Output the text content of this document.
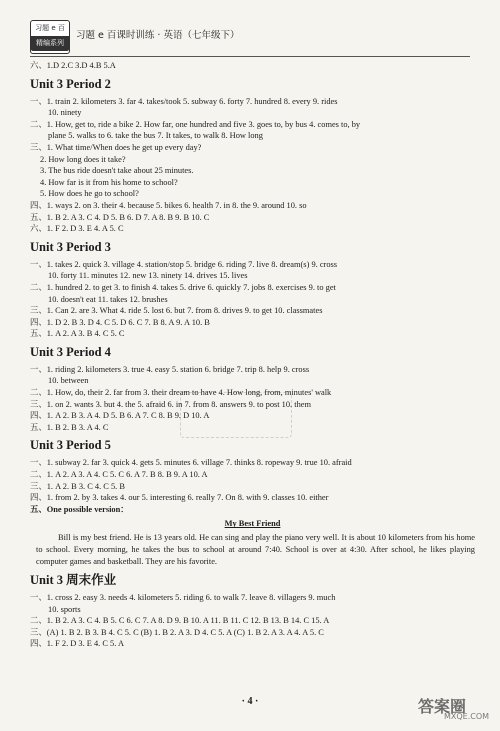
习题 e 百
精编系列
习题 e 百课时训练 · 英语（七年级下）
六、1.D 2.C 3.D 4.B 5.A
Unit 3 Period 2
一、1. train 2. kilometers 3. far 4. takes/took 5. subway 6. forty 7. hundred 8. every 9. rides
10. ninety
二、1. How, get to, ride a bike 2. How far, one hundred and five 3. goes to, by bus 4. comes to, by
plane 5. walks to 6. take the bus 7. It takes, to walk 8. How long
三、1. What time/When does he get up every day?
2. How long does it take?
3. The bus ride doesn't take about 25 minutes.
4. How far is it from his home to school?
5. How does he go to school?
四、1. ways 2. on 3. their 4. because 5. bikes 6. health 7. in 8. the 9. around 10. so
五、1. B 2. A 3. C 4. D 5. B 6. D 7. A 8. B 9. B 10. C
六、1. F 2. D 3. E 4. A 5. C
Unit 3 Period 3
一、1. takes 2. quick 3. village 4. station/stop 5. bridge 6. riding 7. live 8. dream(s) 9. cross
10. forty 11. minutes 12. new 13. ninety 14. drives 15. lives
二、1. hundred 2. to get 3. to finish 4. takes 5. drive 6. quickly 7. jobs 8. exercises 9. to get
10. doesn't eat 11. takes 12. brushes
三、1. Can 2. are 3. What 4. ride 5. lost 6. but 7. from 8. drives 9. to get 10. classmates
四、1. D 2. B 3. D 4. C 5. D 6. C 7. B 8. A 9. A 10. B
五、1. A 2. A 3. B 4. C 5. C
Unit 3 Period 4
一、1. riding 2. kilometers 3. true 4. easy 5. station 6. bridge 7. trip 8. help 9. cross
10. between
二、1. How, do, their 2. far from 3. their dream to have 4. How long, from, minutes' walk
三、1. on 2. wants 3. but 4. the 5. afraid 6. in 7. from 8. answers 9. to post 10. them
四、1. A 2. B 3. A 4. D 5. B 6. A 7. C 8. B 9. D 10. A
五、1. B 2. B 3. A 4. C
Unit 3 Period 5
一、1. subway 2. far 3. quick 4. gets 5. minutes 6. village 7. thinks 8. ropeway 9. true 10. afraid
二、1. A 2. A 3. A 4. C 5. C 6. A 7. B 8. B 9. A 10. A
三、1. A 2. B 3. C 4. C 5. B
四、1. from 2. by 3. takes 4. our 5. interesting 6. really 7. On 8. with 9. classes 10. either
五、One possible version：
My Best Friend
Bill is my best friend. He is 13 years old. He can sing and play the piano very well. It is about 10 kilometers from his home to school. Every morning, he takes the bus to school at around 7:40. School is over at 4:30. After school, he likes playing computer games and basketball. They are his favorite.
Unit 3 周末作业
一、1. cross 2. easy 3. needs 4. kilometers 5. riding 6. to walk 7. leave 8. villagers 9. much
10. sports
二、1. B 2. A 3. C 4. B 5. C 6. C 7. A 8. D 9. B 10. A 11. B 11. C 12. B 13. B 14. C 15. A
三、(A) 1. B 2. B 3. B 4. C 5. C (B) 1. B 2. A 3. D 4. C 5. A (C) 1. B 2. A 3. A 4. A 5. C
四、1. F 2. D 3. E 4. C 5. A
· 4 ·	答案圈
MXQE.COM
